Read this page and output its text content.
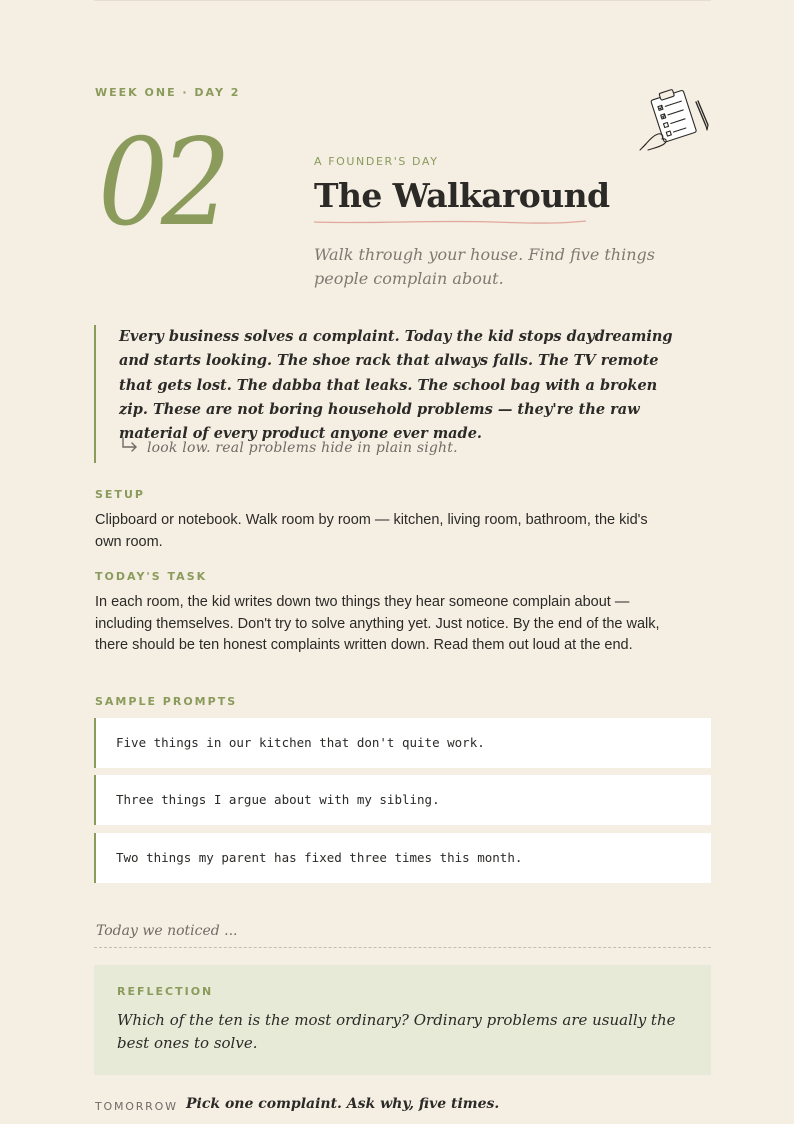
WEEK ONE · DAY 2
02	A FOUNDER'S DAY
The Walkaround
Walk through your house. Find five things people complain about.
Every business solves a complaint. Today the kid stops daydreaming and starts looking. The shoe rack that always falls. The TV remote that gets lost. The dabba that leaks. The school bag with a broken zip. These are not boring household problems — they're the raw material of every product anyone ever made.
look low. real problems hide in plain sight.
SETUP
Clipboard or notebook. Walk room by room — kitchen, living room, bathroom, the kid's own room.
TODAY'S TASK
In each room, the kid writes down two things they hear someone complain about — including themselves. Don't try to solve anything yet. Just notice. By the end of the walk, there should be ten honest complaints written down. Read them out loud at the end.
SAMPLE PROMPTS
Five things in our kitchen that don't quite work.
Three things I argue about with my sibling.
Two things my parent has fixed three times this month.
Today we noticed ...
REFLECTION
Which of the ten is the most ordinary? Ordinary problems are usually the best ones to solve.
TOMORROW Pick one complaint. Ask why, five times.
